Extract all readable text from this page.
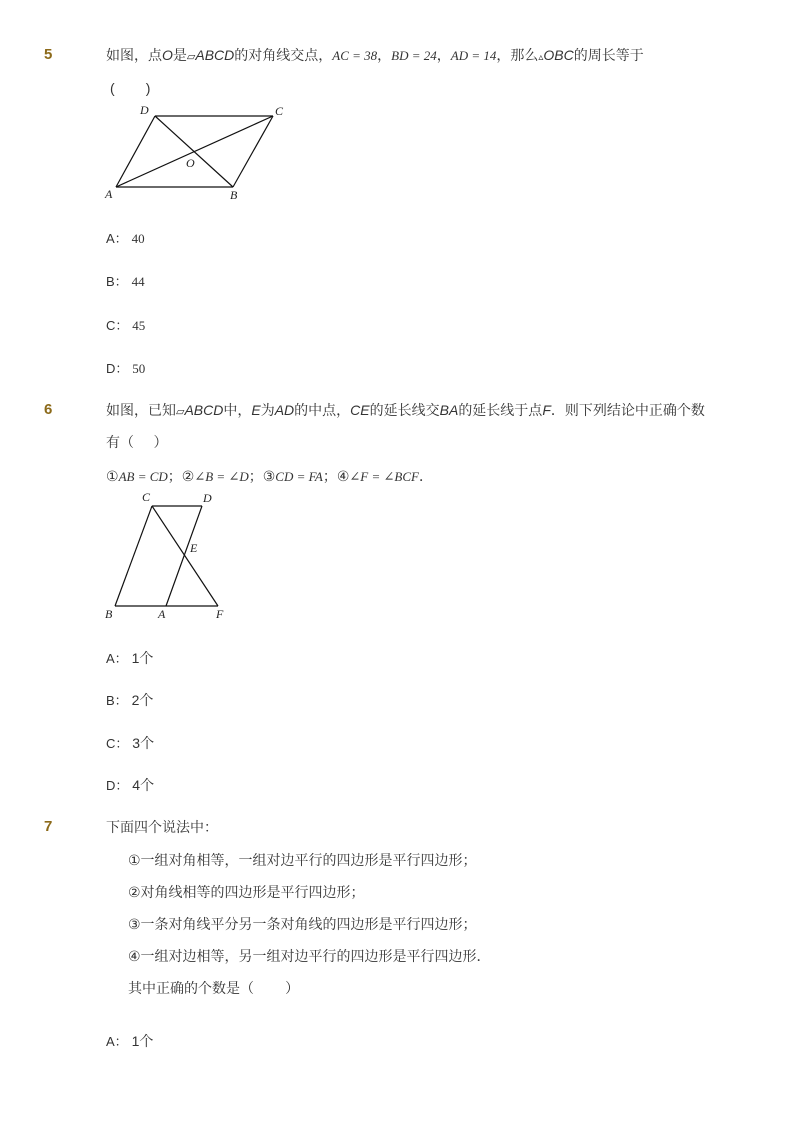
5	如图，点O是▱ABCD的对角线交点，AC = 38，BD = 24，AD = 14，那么▵OBC的周长等于
(        )
A	B
C
D
O
A： 40
B： 44
C： 45
D： 50
6	如图，已知▱ABCD中，E为AD的中点，CE的延长线交BA的延长线于点F．则下列结论中正确个数
有（     ）
①AB = CD；②∠B = ∠D；③CD = FA；④∠F = ∠BCF．
C	D
E
B	A	F
A： 1个
B： 2个
C： 3个
D： 4个
7	下面四个说法中：
①一组对角相等，一组对边平行的四边形是平行四边形；
②对角线相等的四边形是平行四边形；
③一条对角线平分另一条对角线的四边形是平行四边形；
④一组对边相等，另一组对边平行的四边形是平行四边形．
其中正确的个数是（        ）
A： 1个
